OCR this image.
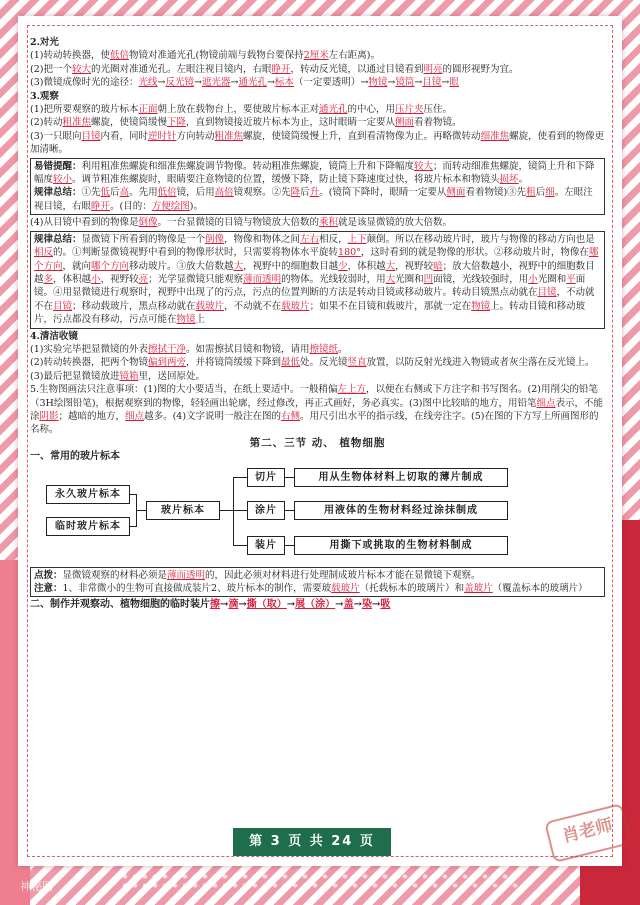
神秘网

2.对光

(1)转动转换器，使低倍物镜对准通光孔(物镜前端与载物台要保持2厘米左右距离)。

(2)把一个较大的光圈对准通光孔。左眼注视目镜内，右眼睁开，转动反光镜，以通过目镜看到明亮的圆形视野为宜。

(3)微镜成像时光的途径：光线→反光镜→遮光器→通光孔→标本（一定要透明）→物镜→镜筒→目镜→眼

3.观察

(1)把所要观察的玻片标本正面朝上放在载物台上，要使玻片标本正对通光孔的中心，用压片夹压住。

(2)转动粗准焦螺旋，使镜筒缓慢下降，直到物镜接近玻片标本为止，这时眼睛一定要从侧面看着物镜。

(3)一只眼向目镜内看，同时逆时针方向转动粗准焦螺旋，使镜筒缓慢上升，直到看清物像为止。再略微转动细准焦螺旋，使看到的物像更加清晰。

易错提醒：利用粗准焦螺旋和细准焦螺旋调节物像。转动粗准焦螺旋，镜筒上升和下降幅度较大；而转动细准焦螺旋，镜筒上升和下降幅度较小。调节粗准焦螺旋时，眼睛要注意物镜的位置，缓慢下降，防止镜下降速度过快，将玻片标本和物镜头损坏。

规律总结：①先低后高。先用低倍镜，后用高倍镜观察。②先降后升。(镜筒下降时，眼睛一定要从侧面看着物镜)③先粗后细。左眼注视目镜，右眼睁开。(目的：方便绘图)。

(4)从目镜中看到的物像是倒像。一台显微镜的目镜与物镜放大倍数的乘积就是该显微镜的放大倍数。

规律总结：显微镜下所看到的物像是一个倒像，物像和物体之间左右相反，上下颠倒。所以在移动玻片时，玻片与物像的移动方向也是相反的。①判断显微镜视野中看到的物像形状时，只需要将物体水平旋转180°，这时看到的就是物像的形状。②移动玻片时，物像在哪个方向，就向哪个方向移动玻片。③放大倍数越大，视野中的细胞数目越少，体积越大，视野较暗；放大倍数越小，视野中的细胞数目越多，体积越小，视野较亮；光学显微镜只能观察薄而透明的物体。光线较弱时，用大光圈和凹面镜，光线较强时，用小光圈和平面镜。④用显微镜进行观察时，视野中出现了的污点，污点的位置判断的方法是转动目镜或移动玻片。转动目镜黑点动就在目镜，不动就不在目镜；移动载玻片，黑点移动就在载玻片，不动就不在载玻片；如果不在目镜和载玻片，那就一定在物镜上。转动目镜和移动玻片，污点都没有移动，污点可能在物镜上

4.清洁收镜

(1)实验完毕把显微镜的外表擦拭干净。如需擦拭目镜和物镜，请用擦镜纸。

(2)转动转换器，把两个物镜偏到两旁，并将镜筒缓缓下降到最低处。反光镜竖直放置，以防反射光线进入物镜或者灰尘落在反光镜上。

(3)最后把显微镜放进镜箱里，送回原处。

5.生物图画法只注意事项：(1)图的大小要适当，在纸上要适中。一般稍偏左上方，以便在右侧或下方注字和书写图名。(2)用削尖的铅笔（3H绘图铅笔)，根据观察到的物像，轻轻画出轮廓，经过修改，再正式画好，务必真实。(3)图中比较暗的地方，用铅笔细点表示，不能涂阴影；越暗的地方，细点越多。(4)文字说明一般注在图的右侧。用尺引出水平的指示线，在线旁注字。(5)在图的下方写上所画图形的名称。

第二、三节 动、 植物细胞

一、常用的玻片标本

永久玻片标本
临时玻片标本
玻片标本
切片
涂片
装片
用从生物体材料上切取的薄片制成
用液体的生物材料经过涂抹制成
用撕下或挑取的生物材料制成

点拨：显微镜观察的材料必须是薄而透明的，因此必须对材料进行处理制成玻片标本才能在显微镜下观察。

注意：1、非常微小的生物可直接做成装片2、玻片标本的制作，需要玻载玻片（托载标本的玻璃片）和盖玻片（覆盖标本的玻璃片）

二、制作并观察动、植物细胞的临时装片擦→滴→撕（取）→展（涂）→盖→染→吸

第 3 页 共 24 页	肖老师
